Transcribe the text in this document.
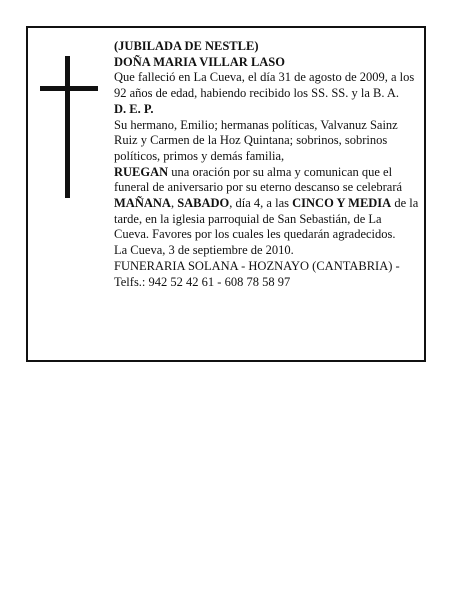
(JUBILADA DE NESTLE)

DOÑA MARIA VILLAR LASO

Que falleció en La Cueva, el día 31 de agosto de 2009, a los 92 años de edad, habiendo recibido los SS. SS. y la B. A.

D. E. P.

Su hermano, Emilio; hermanas políticas, Valvanuz Sainz Ruiz y Carmen de la Hoz Quintana; sobrinos, sobrinos políticos, primos y demás familia,

RUEGAN una oración por su alma y comunican que el funeral de aniversario por su eterno descanso se celebrará MAÑANA, SABADO, día 4, a las CINCO Y MEDIA de la tarde, en la iglesia parroquial de San Sebastián, de La Cueva. Favores por los cuales les quedarán agradecidos.

La Cueva, 3 de septiembre de 2010.

FUNERARIA SOLANA - HOZNAYO (CANTABRIA) - Telfs.: 942 52 42 61 - 608 78 58 97
